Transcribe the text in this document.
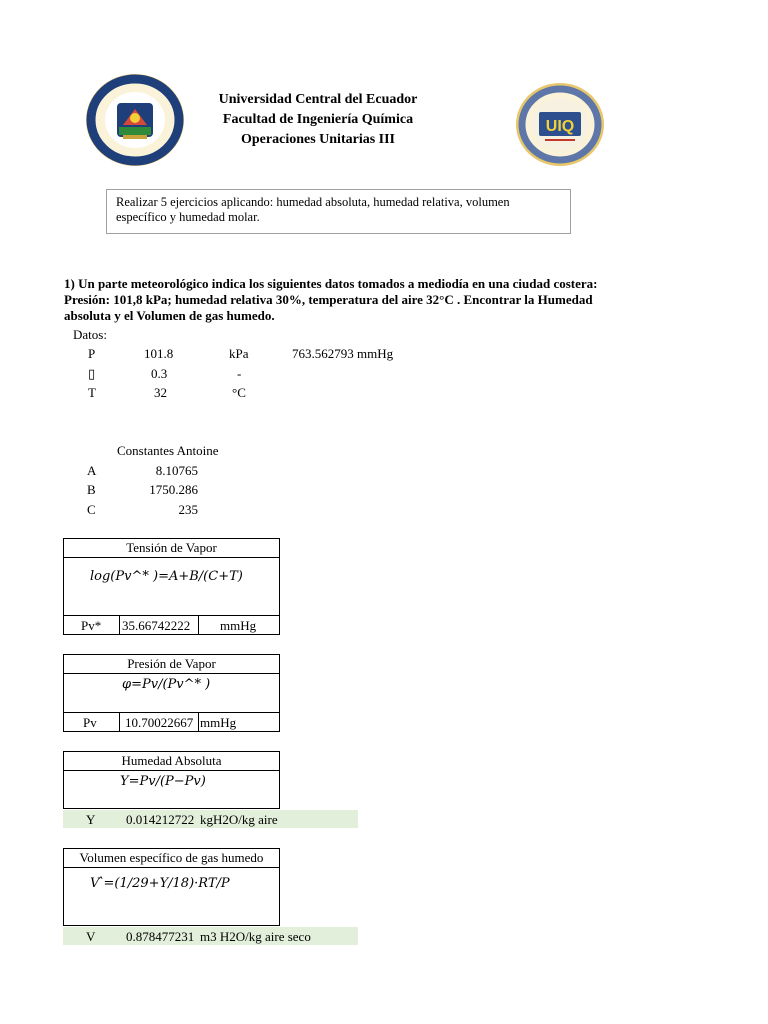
UIQ
Universidad Central del Ecuador
Facultad de Ingeniería Química
Operaciones Unitarias III
Realizar 5 ejercicios aplicando: humedad absoluta, humedad relativa, volumen específico y humedad molar.
1) Un parte meteorológico indica los siguientes datos tomados a mediodía en una ciudad costera: Presión: 101,8 kPa; humedad relativa 30%, temperatura del aire 32°C . Encontrar la Humedad absoluta y el Volumen de gas humedo.
Datos:
P	101.8	kPa	763.562793 mmHg
▯	0.3	-
T	32	°C
Constantes Antoine
A	8.10765
B	1750.286
C	235
Tensión de Vapor
log(Pv^* )=A+B/(C+T)
Pv* 35.66742222 mmHg
Presión de Vapor
φ=Pv/(Pv^* )
Pv 10.70022667 mmHg
Humedad Absoluta
Y=Pv/(P−Pv)
Y 0.014212722 kgH2O/kg aire
Volumen específico de gas humedo
V ̂=(1/29+Y/18)·RT/P
V 0.878477231 m3 H2O/kg aire seco
